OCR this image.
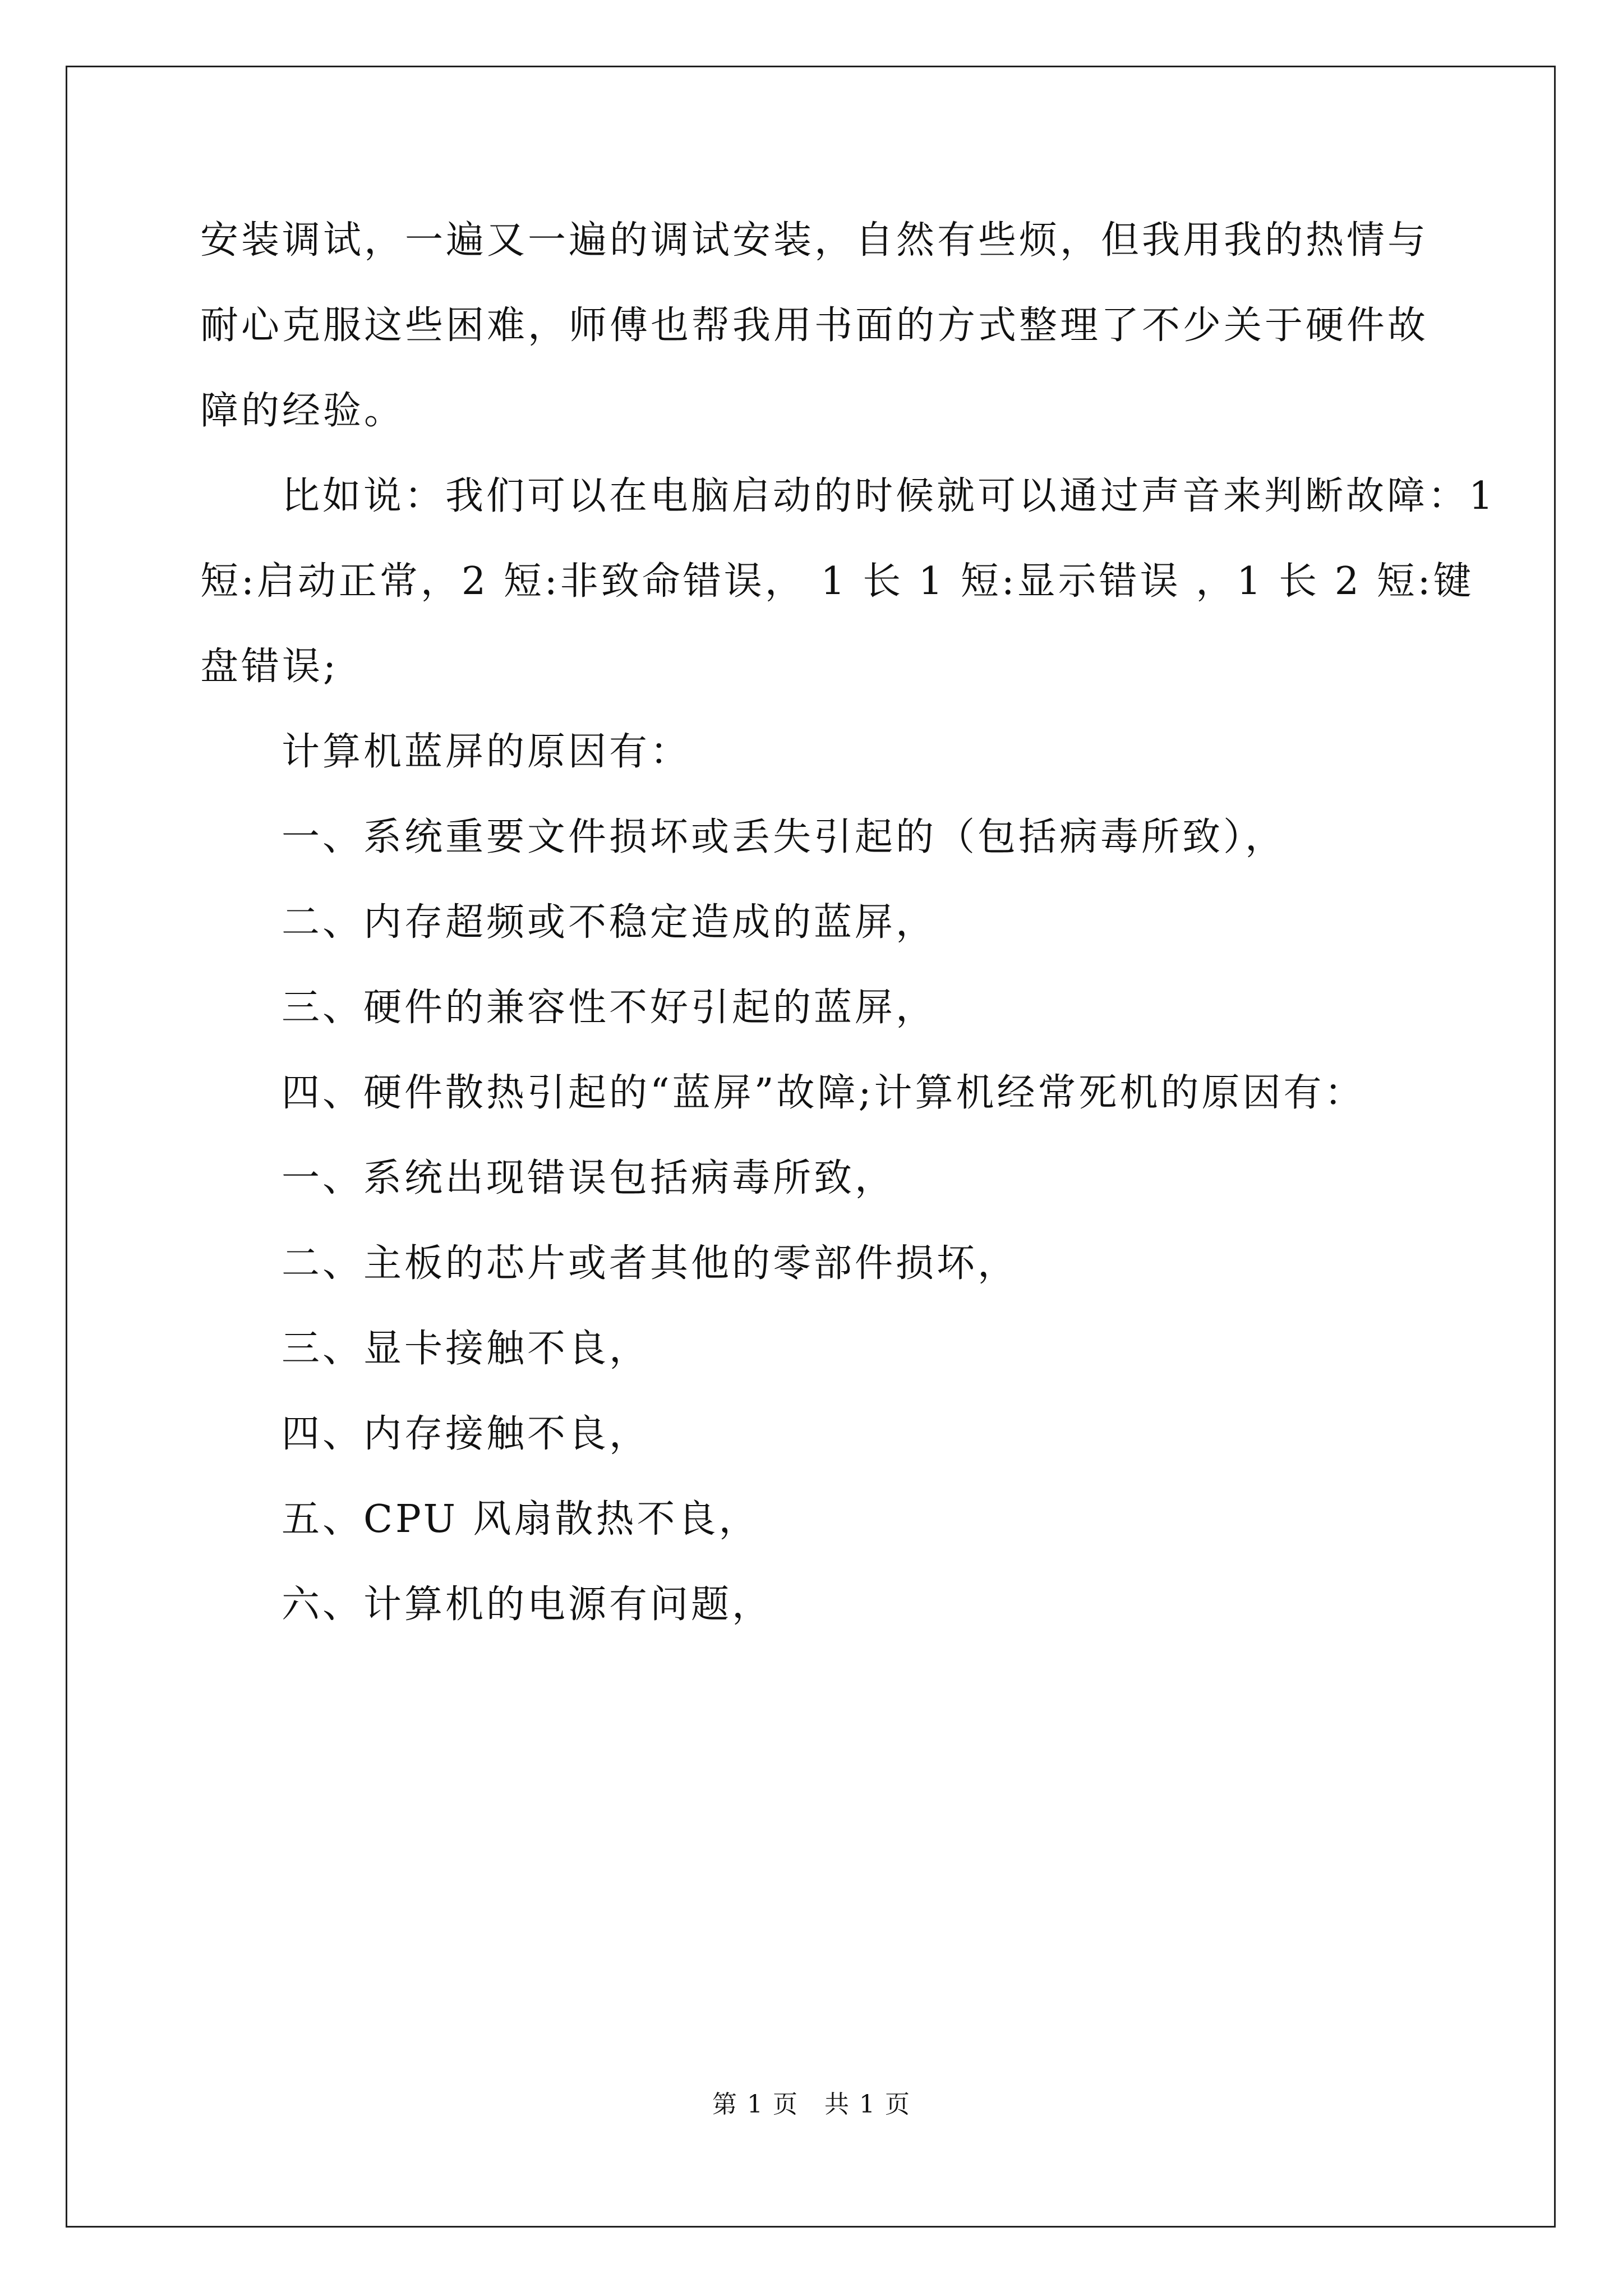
安装调试，一遍又一遍的调试安装，自然有些烦，但我用我的热情与
耐心克服这些困难，师傅也帮我用书面的方式整理了不少关于硬件故
障的经验。
比如说：我们可以在电脑启动的时候就可以通过声音来判断故障：1
短:启动正常，2 短:非致命错误， 1 长 1 短:显示错误 ，1 长 2 短:键
盘错误;
计算机蓝屏的原因有：
一、系统重要文件损坏或丢失引起的（包括病毒所致），
二、内存超频或不稳定造成的蓝屏，
三、硬件的兼容性不好引起的蓝屏，
四、硬件散热引起的“蓝屏”故障;计算机经常死机的原因有：
一、系统出现错误包括病毒所致，
二、主板的芯片或者其他的零部件损坏，
三、显卡接触不良，
四、内存接触不良，
五、CPU 风扇散热不良，
六、计算机的电源有问题，
第 1 页　共 1 页
